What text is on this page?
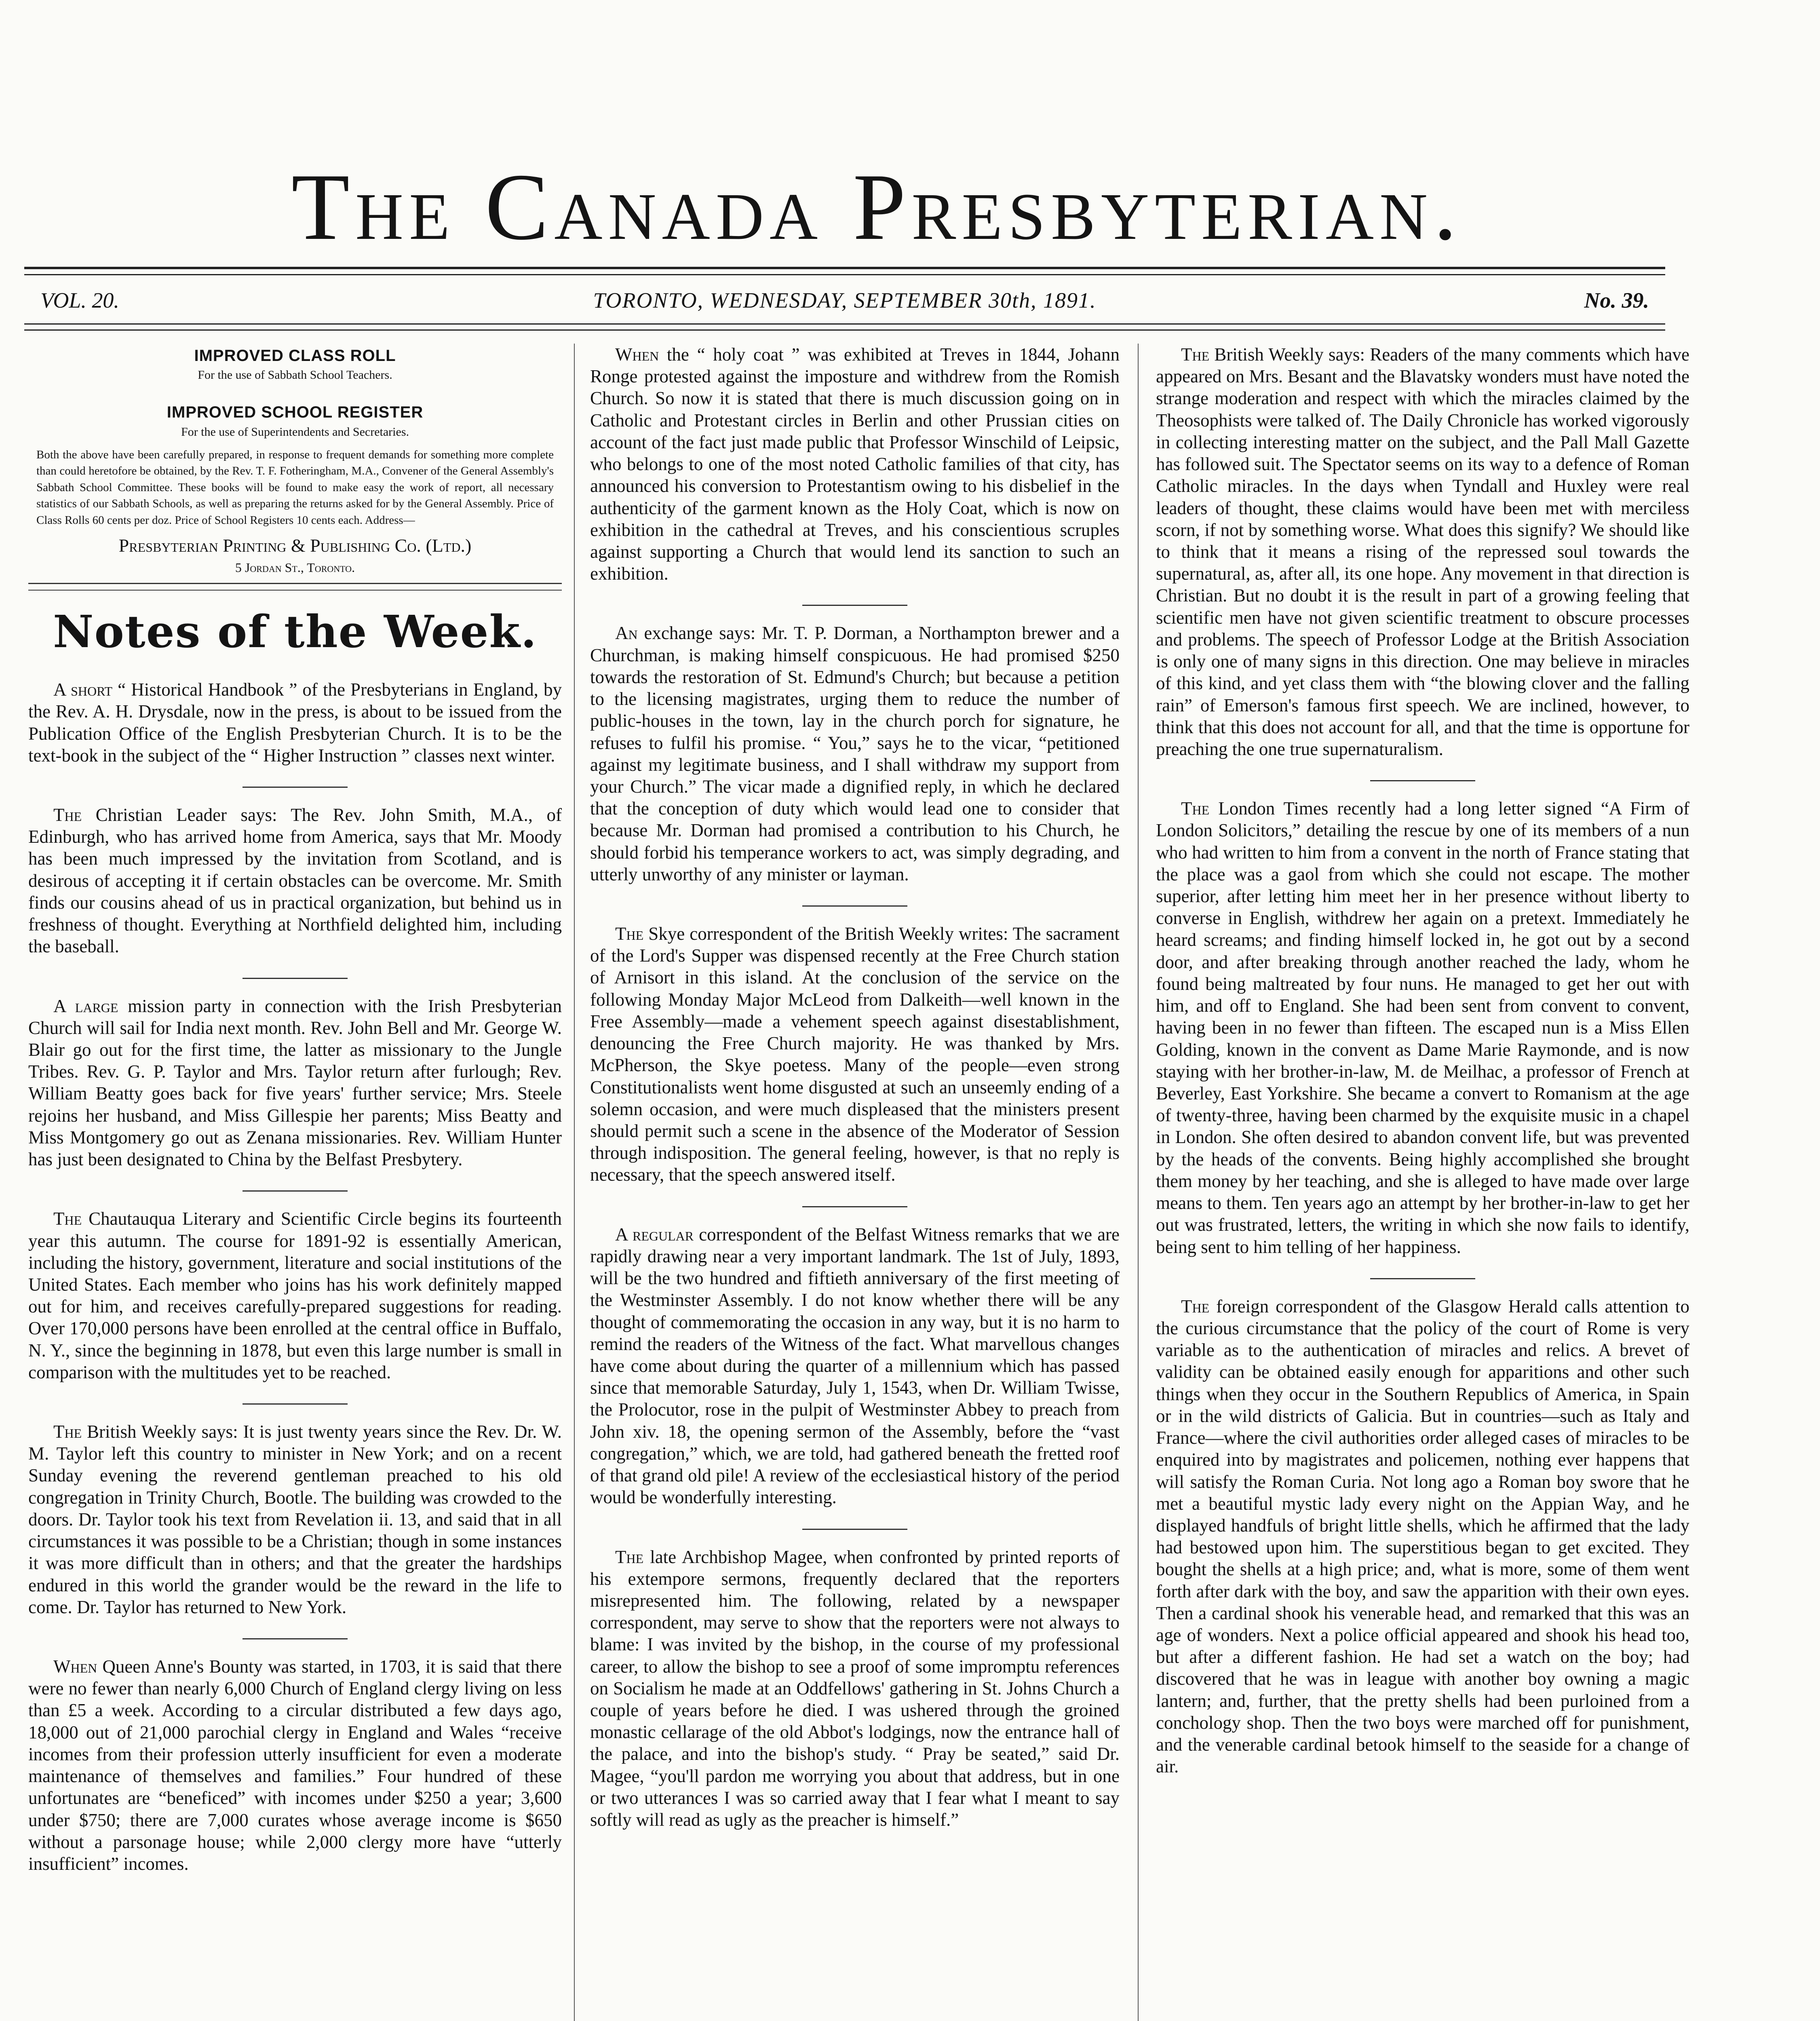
The Canada Presbyterian.
VOL. 20.	TORONTO, WEDNESDAY, SEPTEMBER 30th, 1891.	No. 39.
IMPROVED CLASS ROLL
For the use of Sabbath School Teachers.
IMPROVED SCHOOL REGISTER
For the use of Superintendents and Secretaries.
Both the above have been carefully prepared, in response to frequent demands for something more complete than could heretofore be obtained, by the Rev. T. F. Fotheringham, M.A., Convener of the General Assembly's Sabbath School Committee. These books will be found to make easy the work of report, all necessary statistics of our Sabbath Schools, as well as preparing the returns asked for by the General Assembly. Price of Class Rolls 60 cents per doz. Price of School Registers 10 cents each. Address—
Presbyterian Printing & Publishing Co. (Ltd.)
5 Jordan St., Toronto.
Notes of the Week.

A short “ Historical Handbook ” of the Presbyterians in England, by the Rev. A. H. Drysdale, now in the press, is about to be issued from the Publication Office of the English Presbyterian Church. It is to be the text-book in the subject of the “ Higher Instruction ” classes next winter.

The Christian Leader says: The Rev. John Smith, M.A., of Edinburgh, who has arrived home from America, says that Mr. Moody has been much impressed by the invitation from Scotland, and is desirous of accepting it if certain obstacles can be overcome. Mr. Smith finds our cousins ahead of us in practical organization, but behind us in freshness of thought. Everything at Northfield delighted him, including the baseball.

A large mission party in connection with the Irish Presbyterian Church will sail for India next month. Rev. John Bell and Mr. George W. Blair go out for the first time, the latter as missionary to the Jungle Tribes. Rev. G. P. Taylor and Mrs. Taylor return after furlough; Rev. William Beatty goes back for five years' further service; Mrs. Steele rejoins her husband, and Miss Gillespie her parents; Miss Beatty and Miss Montgomery go out as Zenana missionaries. Rev. William Hunter has just been designated to China by the Belfast Presbytery.

The Chautauqua Literary and Scientific Circle begins its fourteenth year this autumn. The course for 1891-92 is essentially American, including the history, government, literature and social institutions of the United States. Each member who joins has his work definitely mapped out for him, and receives carefully-prepared suggestions for reading. Over 170,000 persons have been enrolled at the central office in Buffalo, N. Y., since the beginning in 1878, but even this large number is small in comparison with the multitudes yet to be reached.

The British Weekly says: It is just twenty years since the Rev. Dr. W. M. Taylor left this country to minister in New York; and on a recent Sunday evening the reverend gentleman preached to his old congregation in Trinity Church, Bootle. The building was crowded to the doors. Dr. Taylor took his text from Revelation ii. 13, and said that in all circumstances it was possible to be a Christian; though in some instances it was more difficult than in others; and that the greater the hardships endured in this world the grander would be the reward in the life to come. Dr. Taylor has returned to New York.

When Queen Anne's Bounty was started, in 1703, it is said that there were no fewer than nearly 6,000 Church of England clergy living on less than £5 a week. According to a circular distributed a few days ago, 18,000 out of 21,000 parochial clergy in England and Wales “receive incomes from their profession utterly insufficient for even a moderate maintenance of themselves and families.” Four hundred of these unfortunates are “beneficed” with incomes under $250 a year; 3,600 under $750; there are 7,000 curates whose average income is $650 without a parsonage house; while 2,000 clergy more have “utterly insufficient” incomes.

When the “ holy coat ” was exhibited at Treves in 1844, Johann Ronge protested against the imposture and withdrew from the Romish Church. So now it is stated that there is much discussion going on in Catholic and Protestant circles in Berlin and other Prussian cities on account of the fact just made public that Professor Winschild of Leipsic, who belongs to one of the most noted Catholic families of that city, has announced his conversion to Protestantism owing to his disbelief in the authenticity of the garment known as the Holy Coat, which is now on exhibition in the cathedral at Treves, and his conscientious scruples against supporting a Church that would lend its sanction to such an exhibition.

An exchange says: Mr. T. P. Dorman, a Northampton brewer and a Churchman, is making himself conspicuous. He had promised $250 towards the restoration of St. Edmund's Church; but because a petition to the licensing magistrates, urging them to reduce the number of public-houses in the town, lay in the church porch for signature, he refuses to fulfil his promise. “ You,” says he to the vicar, “petitioned against my legitimate business, and I shall withdraw my support from your Church.” The vicar made a dignified reply, in which he declared that the conception of duty which would lead one to consider that because Mr. Dorman had promised a contribution to his Church, he should forbid his temperance workers to act, was simply degrading, and utterly unworthy of any minister or layman.

The Skye correspondent of the British Weekly writes: The sacrament of the Lord's Supper was dispensed recently at the Free Church station of Arnisort in this island. At the conclusion of the service on the following Monday Major McLeod from Dalkeith—well known in the Free Assembly—made a vehement speech against disestablishment, denouncing the Free Church majority. He was thanked by Mrs. McPherson, the Skye poetess. Many of the people—even strong Constitutionalists went home disgusted at such an unseemly ending of a solemn occasion, and were much displeased that the ministers present should permit such a scene in the absence of the Moderator of Session through indisposition. The general feeling, however, is that no reply is necessary, that the speech answered itself.

A regular correspondent of the Belfast Witness remarks that we are rapidly drawing near a very important landmark. The 1st of July, 1893, will be the two hundred and fiftieth anniversary of the first meeting of the Westminster Assembly. I do not know whether there will be any thought of commemorating the occasion in any way, but it is no harm to remind the readers of the Witness of the fact. What marvellous changes have come about during the quarter of a millennium which has passed since that memorable Saturday, July 1, 1543, when Dr. William Twisse, the Prolocutor, rose in the pulpit of Westminster Abbey to preach from John xiv. 18, the opening sermon of the Assembly, before the “vast congregation,” which, we are told, had gathered beneath the fretted roof of that grand old pile! A review of the ecclesiastical history of the period would be wonderfully interesting.

The late Archbishop Magee, when confronted by printed reports of his extempore sermons, frequently declared that the reporters misrepresented him. The following, related by a newspaper correspondent, may serve to show that the reporters were not always to blame: I was invited by the bishop, in the course of my professional career, to allow the bishop to see a proof of some impromptu references on Socialism he made at an Oddfellows' gathering in St. Johns Church a couple of years before he died. I was ushered through the groined monastic cellarage of the old Abbot's lodgings, now the entrance hall of the palace, and into the bishop's study. “ Pray be seated,” said Dr. Magee, “you'll pardon me worrying you about that address, but in one or two utterances I was so carried away that I fear what I meant to say softly will read as ugly as the preacher is himself.”

The British Weekly says: Readers of the many comments which have appeared on Mrs. Besant and the Blavatsky wonders must have noted the strange moderation and respect with which the miracles claimed by the Theosophists were talked of. The Daily Chronicle has worked vigorously in collecting interesting matter on the subject, and the Pall Mall Gazette has followed suit. The Spectator seems on its way to a defence of Roman Catholic miracles. In the days when Tyndall and Huxley were real leaders of thought, these claims would have been met with merciless scorn, if not by something worse. What does this signify? We should like to think that it means a rising of the repressed soul towards the supernatural, as, after all, its one hope. Any movement in that direction is Christian. But no doubt it is the result in part of a growing feeling that scientific men have not given scientific treatment to obscure processes and problems. The speech of Professor Lodge at the British Association is only one of many signs in this direction. One may believe in miracles of this kind, and yet class them with “the blowing clover and the falling rain” of Emerson's famous first speech. We are inclined, however, to think that this does not account for all, and that the time is opportune for preaching the one true supernaturalism.

The London Times recently had a long letter signed “A Firm of London Solicitors,” detailing the rescue by one of its members of a nun who had written to him from a convent in the north of France stating that the place was a gaol from which she could not escape. The mother superior, after letting him meet her in her presence without liberty to converse in English, withdrew her again on a pretext. Immediately he heard screams; and finding himself locked in, he got out by a second door, and after breaking through another reached the lady, whom he found being maltreated by four nuns. He managed to get her out with him, and off to England. She had been sent from convent to convent, having been in no fewer than fifteen. The escaped nun is a Miss Ellen Golding, known in the convent as Dame Marie Raymonde, and is now staying with her brother-in-law, M. de Meilhac, a professor of French at Beverley, East Yorkshire. She became a convert to Romanism at the age of twenty-three, having been charmed by the exquisite music in a chapel in London. She often desired to abandon convent life, but was prevented by the heads of the convents. Being highly accomplished she brought them money by her teaching, and she is alleged to have made over large means to them. Ten years ago an attempt by her brother-in-law to get her out was frustrated, letters, the writing in which she now fails to identify, being sent to him telling of her happiness.

The foreign correspondent of the Glasgow Herald calls attention to the curious circumstance that the policy of the court of Rome is very variable as to the authentication of miracles and relics. A brevet of validity can be obtained easily enough for apparitions and other such things when they occur in the Southern Republics of America, in Spain or in the wild districts of Galicia. But in countries—such as Italy and France—where the civil authorities order alleged cases of miracles to be enquired into by magistrates and policemen, nothing ever happens that will satisfy the Roman Curia. Not long ago a Roman boy swore that he met a beautiful mystic lady every night on the Appian Way, and he displayed handfuls of bright little shells, which he affirmed that the lady had bestowed upon him. The superstitious began to get excited. They bought the shells at a high price; and, what is more, some of them went forth after dark with the boy, and saw the apparition with their own eyes. Then a cardinal shook his venerable head, and remarked that this was an age of wonders. Next a police official appeared and shook his head too, but after a different fashion. He had set a watch on the boy; had discovered that he was in league with another boy owning a magic lantern; and, further, that the pretty shells had been purloined from a conchology shop. Then the two boys were marched off for punishment, and the venerable cardinal betook himself to the seaside for a change of air.
